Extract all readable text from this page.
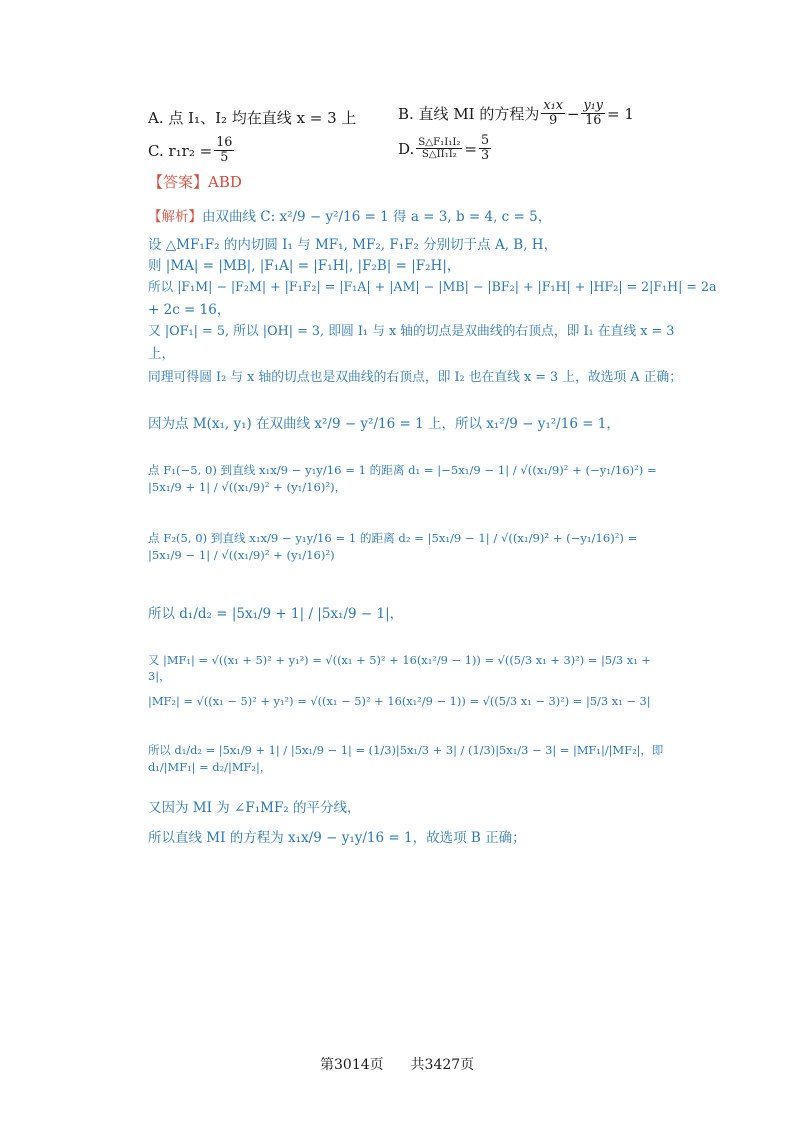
A. 点 I₁、I₂ 均在直线 x = 3 上	B. 直线 MI 的方程为 $\frac{\text{x₁x}}{9} - \frac{\text{y₁y}}{16} = 1$
C. $r_1r_2 = \frac{16}{5}$	D. $\frac{\text{S△F₁I₁I₂}}{\text{S△II₁I₂}} = \frac{5}{3}$
【答案】ABD
【解析】由双曲线 C: x²/9 − y²/16 = 1 得 a = 3, b = 4, c = 5，
设 △MF₁F₂ 的内切圆 I₁ 与 MF₁, MF₂, F₁F₂ 分别切于点 A, B, H，
则 |MA| = |MB|, |F₁A| = |F₁H|, |F₂B| = |F₂H|，
所以 |F₁M| − |F₂M| + |F₁F₂| = |F₁A| + |AM| − |MB| − |BF₂| + |F₁H| + |HF₂| = 2|F₁H| = 2a
+ 2c = 16，
又 |OF₁| = 5, 所以 |OH| = 3, 即圆 I₁ 与 x 轴的切点是双曲线的右顶点，即 I₁ 在直线 x = 3
上，
同理可得圆 I₂ 与 x 轴的切点也是双曲线的右顶点，即 I₂ 也在直线 x = 3 上，故选项 A 正确；
因为点 M(x₁, y₁) 在双曲线 x²/9 − y²/16 = 1 上，所以 x₁²/9 − y₁²/16 = 1，
点 F₁(−5, 0) 到直线 x₁x/9 − y₁y/16 = 1 的距离 d₁ = |−5x₁/9 − 1| / √((x₁/9)² + (−y₁/16)²) = |5x₁/9 + 1| / √((x₁/9)² + (y₁/16)²)，
点 F₂(5, 0) 到直线 x₁x/9 − y₁y/16 = 1 的距离 d₂ = |5x₁/9 − 1| / √((x₁/9)² + (−y₁/16)²) = |5x₁/9 − 1| / √((x₁/9)² + (y₁/16)²)
所以 d₁/d₂ = |5x₁/9 + 1| / |5x₁/9 − 1|，
又 |MF₁| = √((x₁ + 5)² + y₁²) = √((x₁ + 5)² + 16(x₁²/9 − 1)) = √((5/3 x₁ + 3)²) = |5/3 x₁ + 3|，
|MF₂| = √((x₁ − 5)² + y₁²) = √((x₁ − 5)² + 16(x₁²/9 − 1)) = √((5/3 x₁ − 3)²) = |5/3 x₁ − 3|
所以 d₁/d₂ = |5x₁/9 + 1| / |5x₁/9 − 1| = (1/3)|5x₁/3 + 3| / (1/3)|5x₁/3 − 3| = |MF₁|/|MF₂|，即 d₁/|MF₁| = d₂/|MF₂|，
又因为 MI 为 ∠F₁MF₂ 的平分线，
所以直线 MI 的方程为 x₁x/9 − y₁y/16 = 1，故选项 B 正确；
第3014页 共3427页
